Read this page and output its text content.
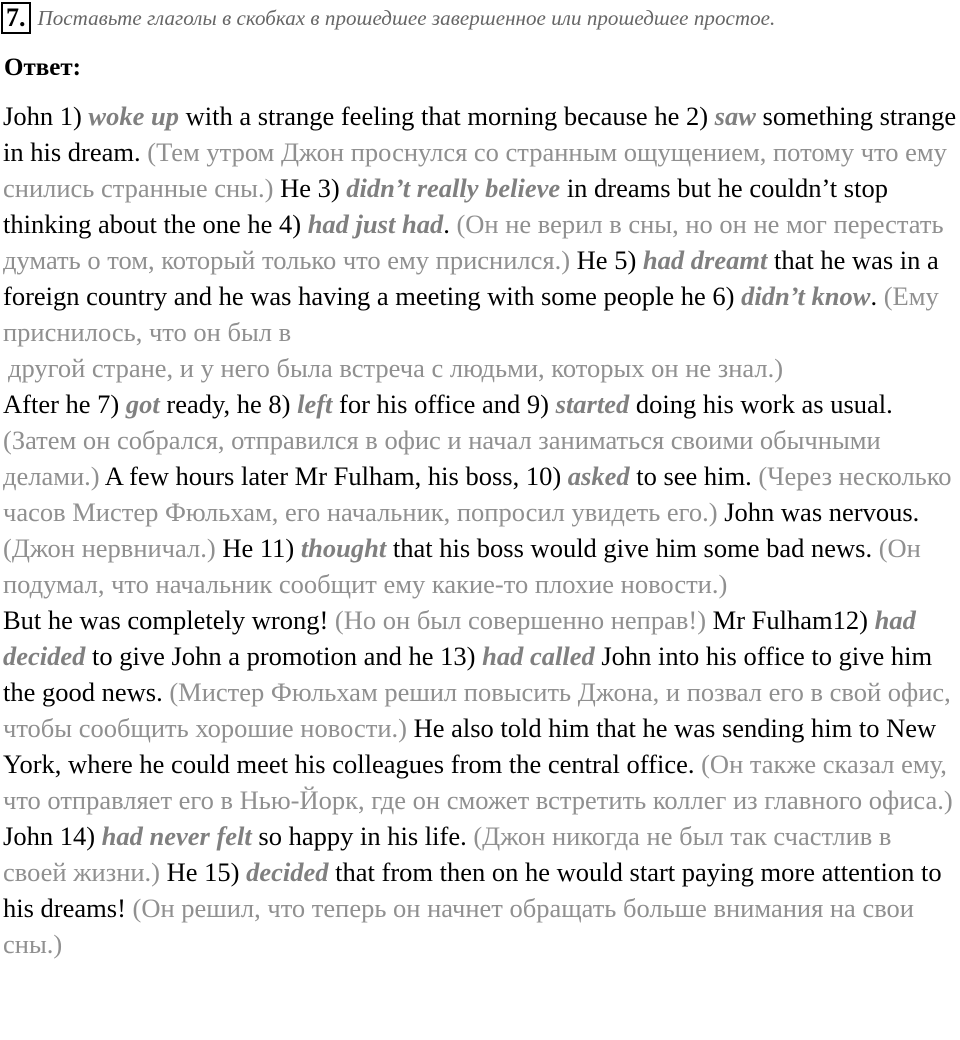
7. Поставьте глаголы в скобках в прошедшее завершенное или прошедшее простое.
Ответ:

John 1) woke up with a strange feeling that morning because he 2) saw something strange in his dream. (Тем утром Джон проснулся со странным ощущением, потому что ему снились странные сны.) He 3) didn’t really believe in dreams but he couldn’t stop thinking about the one he 4) had just had. (Он не верил в сны, но он не мог перестать думать о том, который только что ему приснился.) He 5) had dreamt that he was in a foreign country and he was having a meeting with some people he 6) didn’t know. (Ему приснилось, что он был в

другой стране, и у него была встреча с людьми, которых он не знал.)

After he 7) got ready, he 8) left for his office and 9) started doing his work as usual. (Затем он собрался, отправился в офис и начал заниматься своими обычными делами.) A few hours later Mr Fulham, his boss, 10) asked to see him. (Через несколько часов Мистер Фюльхам, его начальник, попросил увидеть его.) John was nervous. (Джон нервничал.) He 11) thought that his boss would give him some bad news. (Он подумал, что начальник сообщит ему какие-то плохие новости.)

But he was completely wrong! (Но он был совершенно неправ!) Mr Fulham12) had decided to give John a promotion and he 13) had called John into his office to give him the good news. (Мистер Фюльхам решил повысить Джона, и позвал его в свой офис, чтобы сообщить хорошие новости.) He also told him that he was sending him to New York, where he could meet his colleagues from the central office. (Он также сказал ему, что отправляет его в Нью-Йорк, где он сможет встретить коллег из главного офиса.)

John 14) had never felt so happy in his life. (Джон никогда не был так счастлив в своей жизни.) He 15) decided that from then on he would start paying more attention to his dreams! (Он решил, что теперь он начнет обращать больше внимания на свои сны.)
